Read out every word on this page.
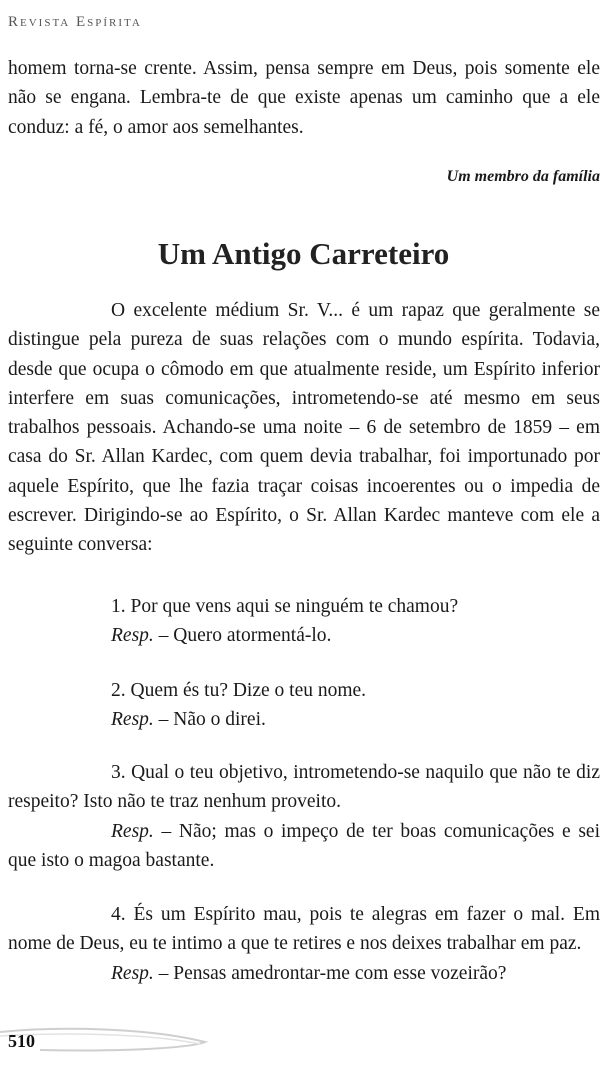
Revista Espírita
homem torna-se crente. Assim, pensa sempre em Deus, pois somente ele não se engana. Lembra-te de que existe apenas um caminho que a ele conduz: a fé, o amor aos semelhantes.
Um membro da família
Um Antigo Carreteiro
O excelente médium Sr. V... é um rapaz que geralmente se distingue pela pureza de suas relações com o mundo espírita. Todavia, desde que ocupa o cômodo em que atualmente reside, um Espírito inferior interfere em suas comunicações, intrometendo-se até mesmo em seus trabalhos pessoais. Achando-se uma noite – 6 de setembro de 1859 – em casa do Sr. Allan Kardec, com quem devia trabalhar, foi importunado por aquele Espírito, que lhe fazia traçar coisas incoerentes ou o impedia de escrever. Dirigindo-se ao Espírito, o Sr. Allan Kardec manteve com ele a seguinte conversa:
1. Por que vens aqui se ninguém te chamou?
Resp. – Quero atormentá-lo.
2. Quem és tu? Dize o teu nome.
Resp. – Não o direi.
3. Qual o teu objetivo, intrometendo-se naquilo que não te diz respeito? Isto não te traz nenhum proveito.
Resp. – Não; mas o impeço de ter boas comunicações e sei que isto o magoa bastante.
4. És um Espírito mau, pois te alegras em fazer o mal. Em nome de Deus, eu te intimo a que te retires e nos deixes trabalhar em paz.
Resp. – Pensas amedrontar-me com esse vozeirão?
510
